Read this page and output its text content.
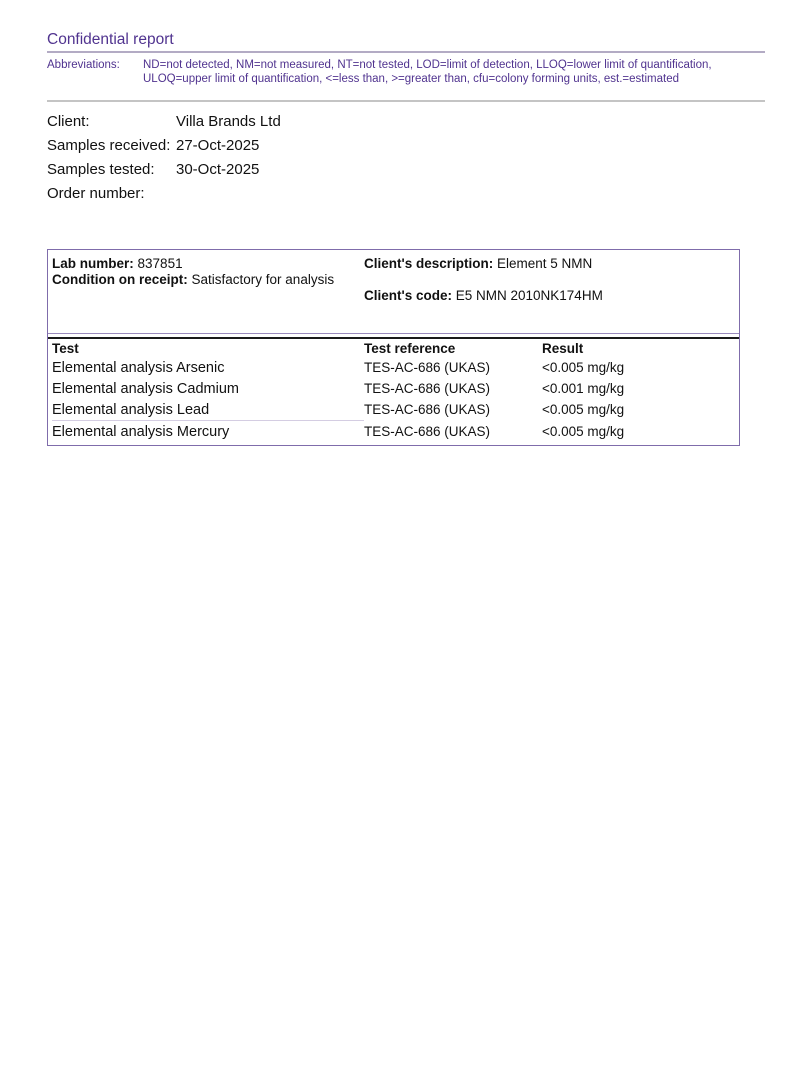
Confidential report
Abbreviations:	ND=not detected, NM=not measured, NT=not tested, LOD=limit of detection, LLOQ=lower limit of quantification,
ULOQ=upper limit of quantification, <=less than, >=greater than, cfu=colony forming units, est.=estimated
Client:	Villa Brands Ltd
Samples received: 27-Oct-2025
Samples tested:	30-Oct-2025
Order number:
Lab number: 837851
Condition on receipt: Satisfactory for analysis
Client's description: Element 5 NMN
Client's code: E5 NMN 2010NK174HM
Test	Test reference	Result
Elemental analysis Arsenic	TES-AC-686 (UKAS)	<0.005 mg/kg
Elemental analysis Cadmium	TES-AC-686 (UKAS)	<0.001 mg/kg
Elemental analysis Lead	TES-AC-686 (UKAS)	<0.005 mg/kg
Elemental analysis Mercury	TES-AC-686 (UKAS)	<0.005 mg/kg
